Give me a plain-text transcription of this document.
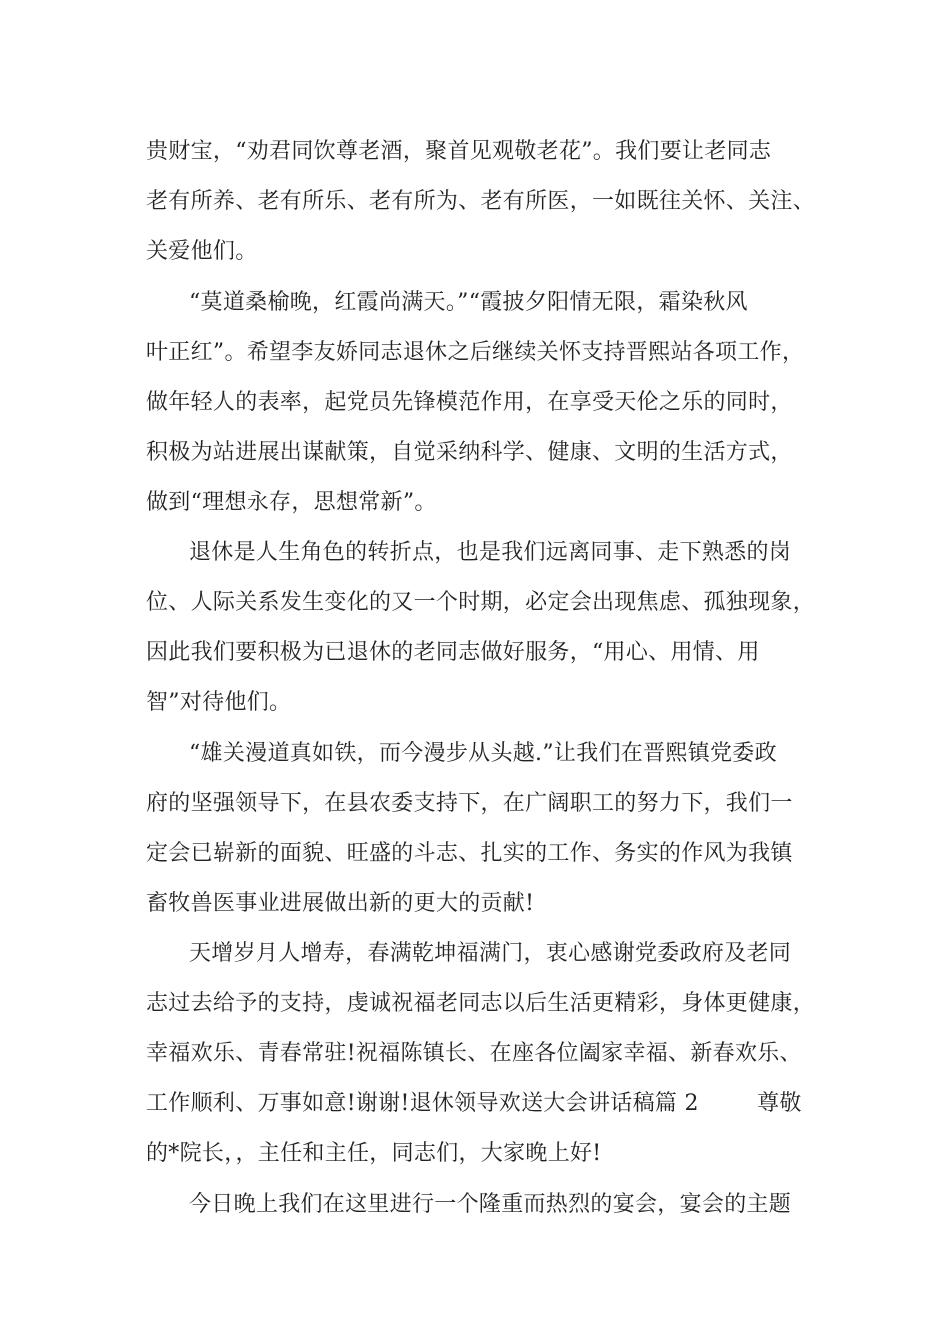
贵财宝，“劝君同饮尊老酒，聚首见观敬老花”。我们要让老同志
老有所养、老有所乐、老有所为、老有所医，一如既往关怀、关注、
关爱他们。
“莫道桑榆晚，红霞尚满天。”“霞披夕阳情无限，霜染秋风
叶正红”。希望李友娇同志退休之后继续关怀支持晋熙站各项工作，
做年轻人的表率，起党员先锋模范作用，在享受天伦之乐的同时，
积极为站进展出谋献策，自觉采纳科学、健康、文明的生活方式，
做到“理想永存，思想常新”。
退休是人生角色的转折点，也是我们远离同事、走下熟悉的岗
位、人际关系发生变化的又一个时期，必定会出现焦虑、孤独现象，
因此我们要积极为已退休的老同志做好服务，“用心、用情、用
智”对待他们。
“雄关漫道真如铁，而今漫步从头越.”让我们在晋熙镇党委政
府的坚强领导下，在县农委支持下，在广阔职工的努力下，我们一
定会已崭新的面貌、旺盛的斗志、扎实的工作、务实的作风为我镇
畜牧兽医事业进展做出新的更大的贡献!
天增岁月人增寿，春满乾坤福满门，衷心感谢党委政府及老同
志过去给予的支持，虔诚祝福老同志以后生活更精彩，身体更健康，
幸福欢乐、青春常驻!祝福陈镇长、在座各位阖家幸福、新春欢乐、
工作顺利、万事如意!谢谢!退休领导欢送大会讲话稿篇 2        尊敬
的*院长，，主任和主任，同志们，大家晚上好!
今日晚上我们在这里进行一个隆重而热烈的宴会，宴会的主题
